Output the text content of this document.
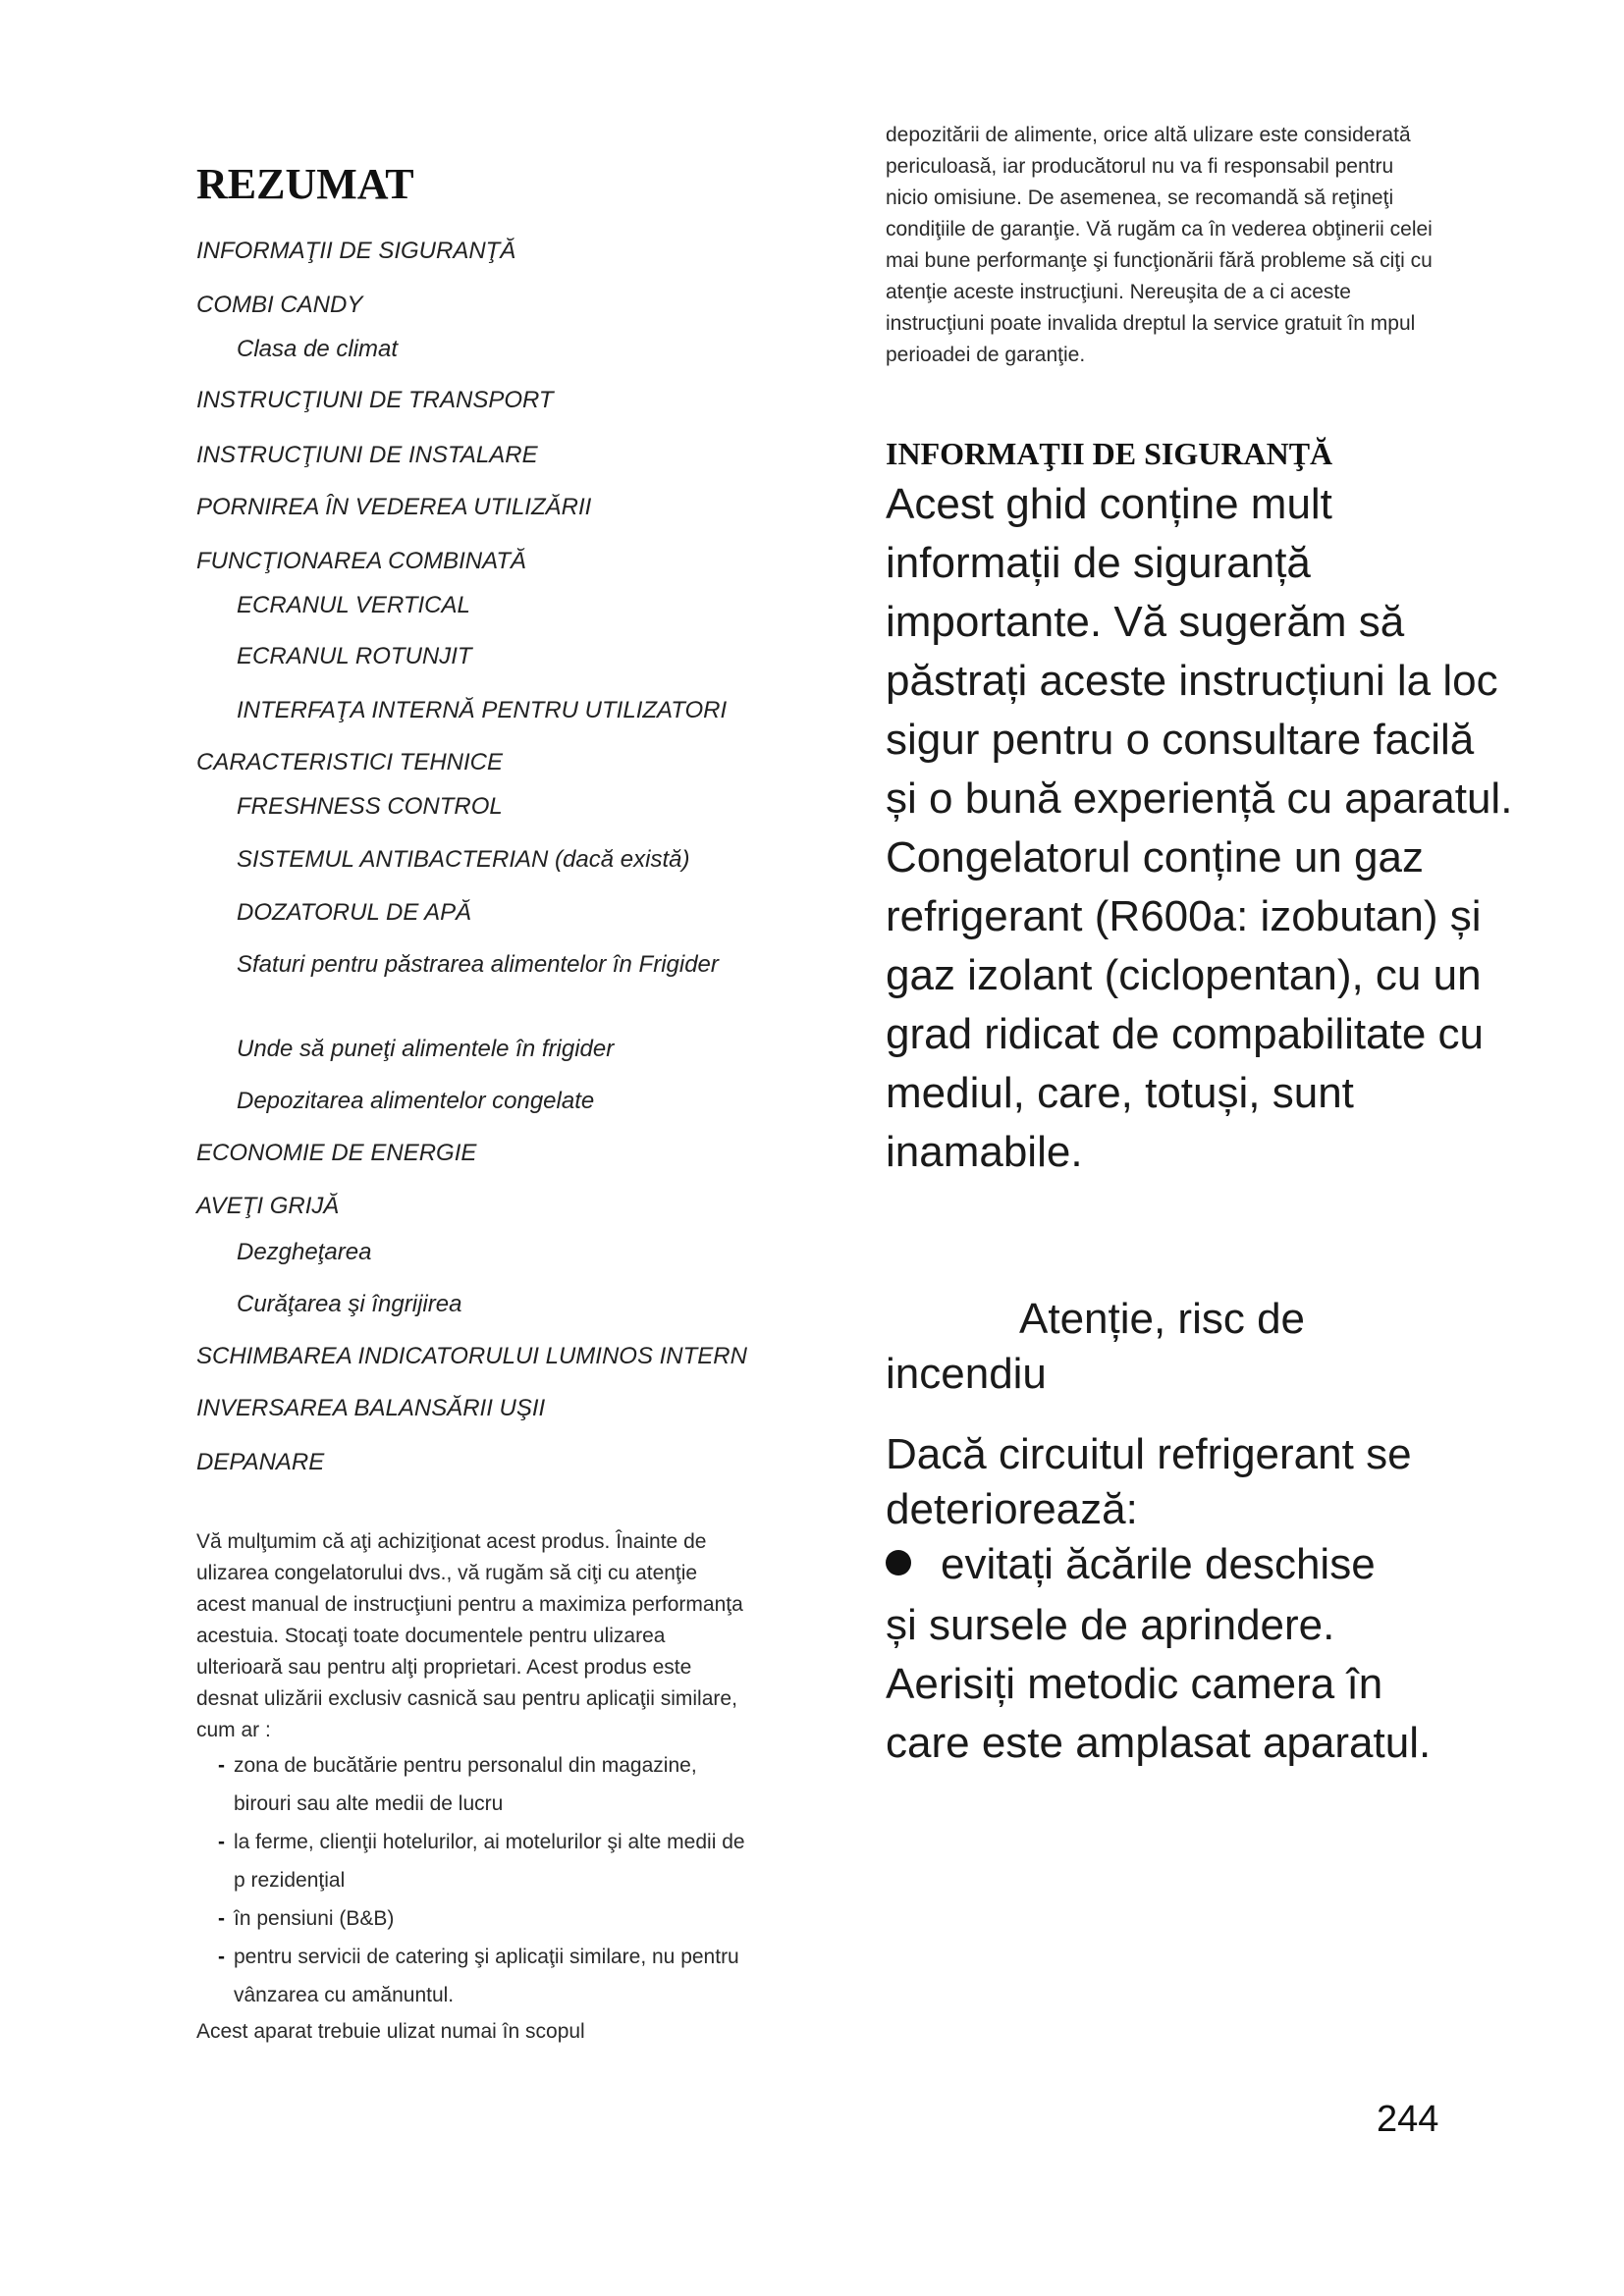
REZUMAT
INFORMAŢII DE SIGURANŢĂ
COMBI CANDY
Clasa de climat
INSTRUCŢIUNI DE TRANSPORT
INSTRUCŢIUNI DE INSTALARE
PORNIREA ÎN VEDEREA UTILIZĂRII
FUNCŢIONAREA COMBINATĂ
ECRANUL VERTICAL
ECRANUL ROTUNJIT
INTERFAŢA INTERNĂ PENTRU UTILIZATORI
CARACTERISTICI TEHNICE
FRESHNESS CONTROL
SISTEMUL ANTIBACTERIAN (dacă există)
DOZATORUL DE APĂ
Sfaturi pentru păstrarea alimentelor în Frigider
Unde să puneţi alimentele în frigider
Depozitarea alimentelor congelate
ECONOMIE DE ENERGIE
AVEŢI GRIJĂ
Dezgheţarea
Curăţarea şi îngrijirea
SCHIMBAREA INDICATORULUI LUMINOS INTERN
INVERSAREA BALANSĂRII UŞII
DEPANARE

Vă mulţumim că aţi achiziţionat acest produs. Înainte de ulizarea congelatorului dvs., vă rugăm să ciţi cu atenţie acest manual de instrucţiuni pentru a maximiza performanţa acestuia. Stocaţi toate documentele pentru ulizarea ulterioară sau pentru alţi proprietari. Acest produs este desnat ulizării exclusiv casnică sau pentru aplicaţii similare, cum ar :

- zona de bucătărie pentru personalul din magazine, birouri sau alte medii de lucru
- la ferme, clienţii hotelurilor, ai motelurilor şi alte medii de p rezidenţial
- în pensiuni (B&B)
- pentru servicii de catering şi aplicaţii similare, nu pentru vânzarea cu amănuntul.

Acest aparat trebuie ulizat numai în scopul

depozitării de alimente, orice altă ulizare este considerată periculoasă, iar producătorul nu va fi responsabil pentru nicio omisiune. De asemenea, se recomandă să reţineţi condiţiile de garanţie. Vă rugăm ca în vederea obţinerii celei mai bune performanţe şi funcţionării fără probleme să ciţi cu atenţie aceste instrucţiuni. Nereuşita de a ci aceste instrucţiuni poate invalida dreptul la service gratuit în mpul perioadei de garanţie.

INFORMAŢII DE SIGURANŢĂ

Acest ghid conține mult informații de siguranță importante. Vă sugerăm să păstrați aceste instrucțiuni la loc sigur pentru o consultare facilă și o bună experiență cu aparatul. Congelatorul conține un gaz refrigerant (R600a: izobutan) și gaz izolant (ciclopentan), cu un grad ridicat de compabilitate cu mediul, care, totuși, sunt inamabile.

Atenție, risc de
incendiu
Dacă circuitul refrigerant se
deteriorează:
evitați ăcările deschise
și sursele de aprindere.
Aerisiți metodic camera în
care este amplasat aparatul.
244
